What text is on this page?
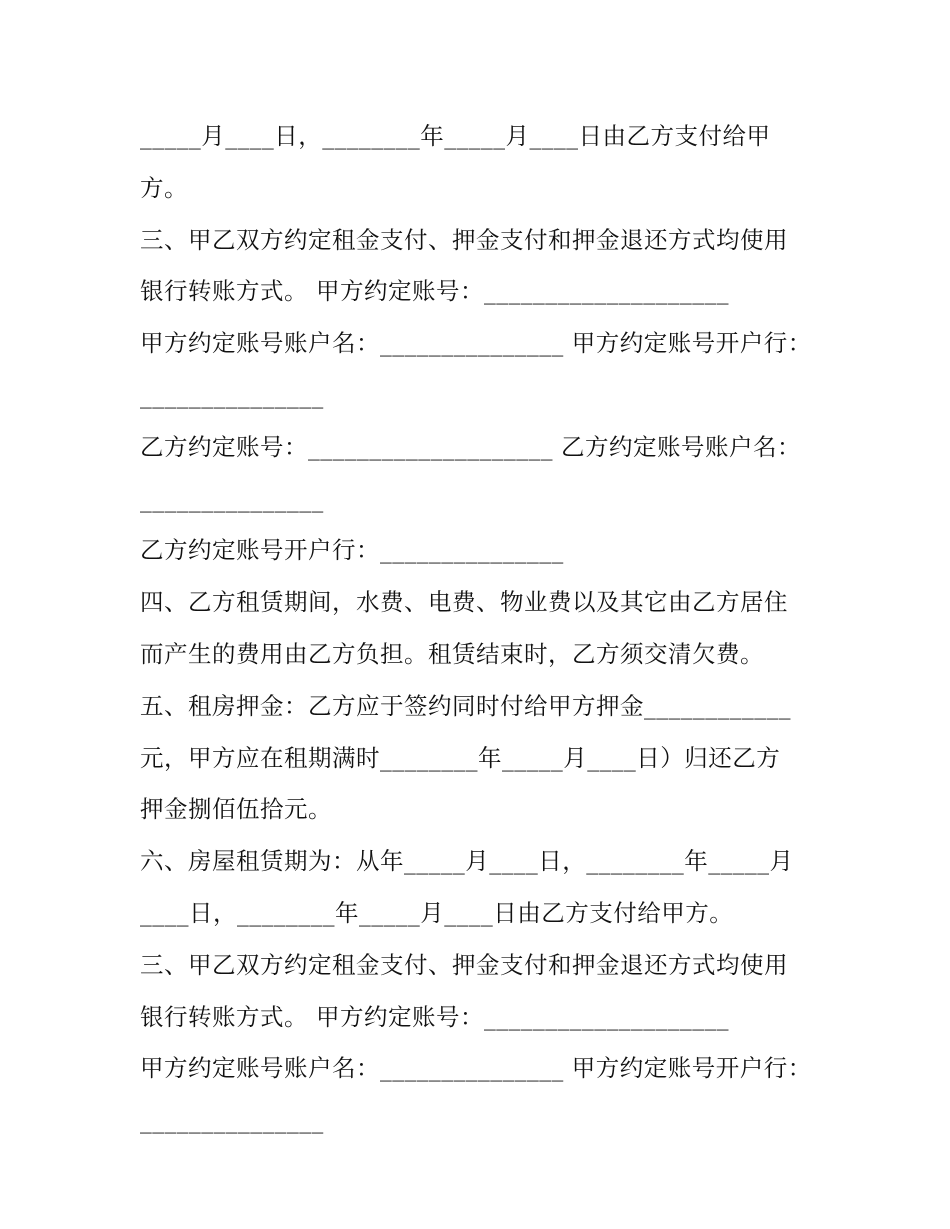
_____月____日，________年_____月____日由乙方支付给甲
方。
三、甲乙双方约定租金支付、押金支付和押金退还方式均使用
银行转账方式。 甲方约定账号：____________________
甲方约定账号账户名：_______________ 甲方约定账号开户行：
_______________
乙方约定账号：____________________ 乙方约定账号账户名：
_______________
乙方约定账号开户行：_______________
四、乙方租赁期间，水费、电费、物业费以及其它由乙方居住
而产生的费用由乙方负担。租赁结束时，乙方须交清欠费。
五、租房押金：乙方应于签约同时付给甲方押金____________
元，甲方应在租期满时________年_____月____日）归还乙方
押金捌佰伍拾元。
六、房屋租赁期为：从年_____月____日，________年_____月
____日，________年_____月____日由乙方支付给甲方。
三、甲乙双方约定租金支付、押金支付和押金退还方式均使用
银行转账方式。 甲方约定账号：____________________
甲方约定账号账户名：_______________ 甲方约定账号开户行：
_______________
